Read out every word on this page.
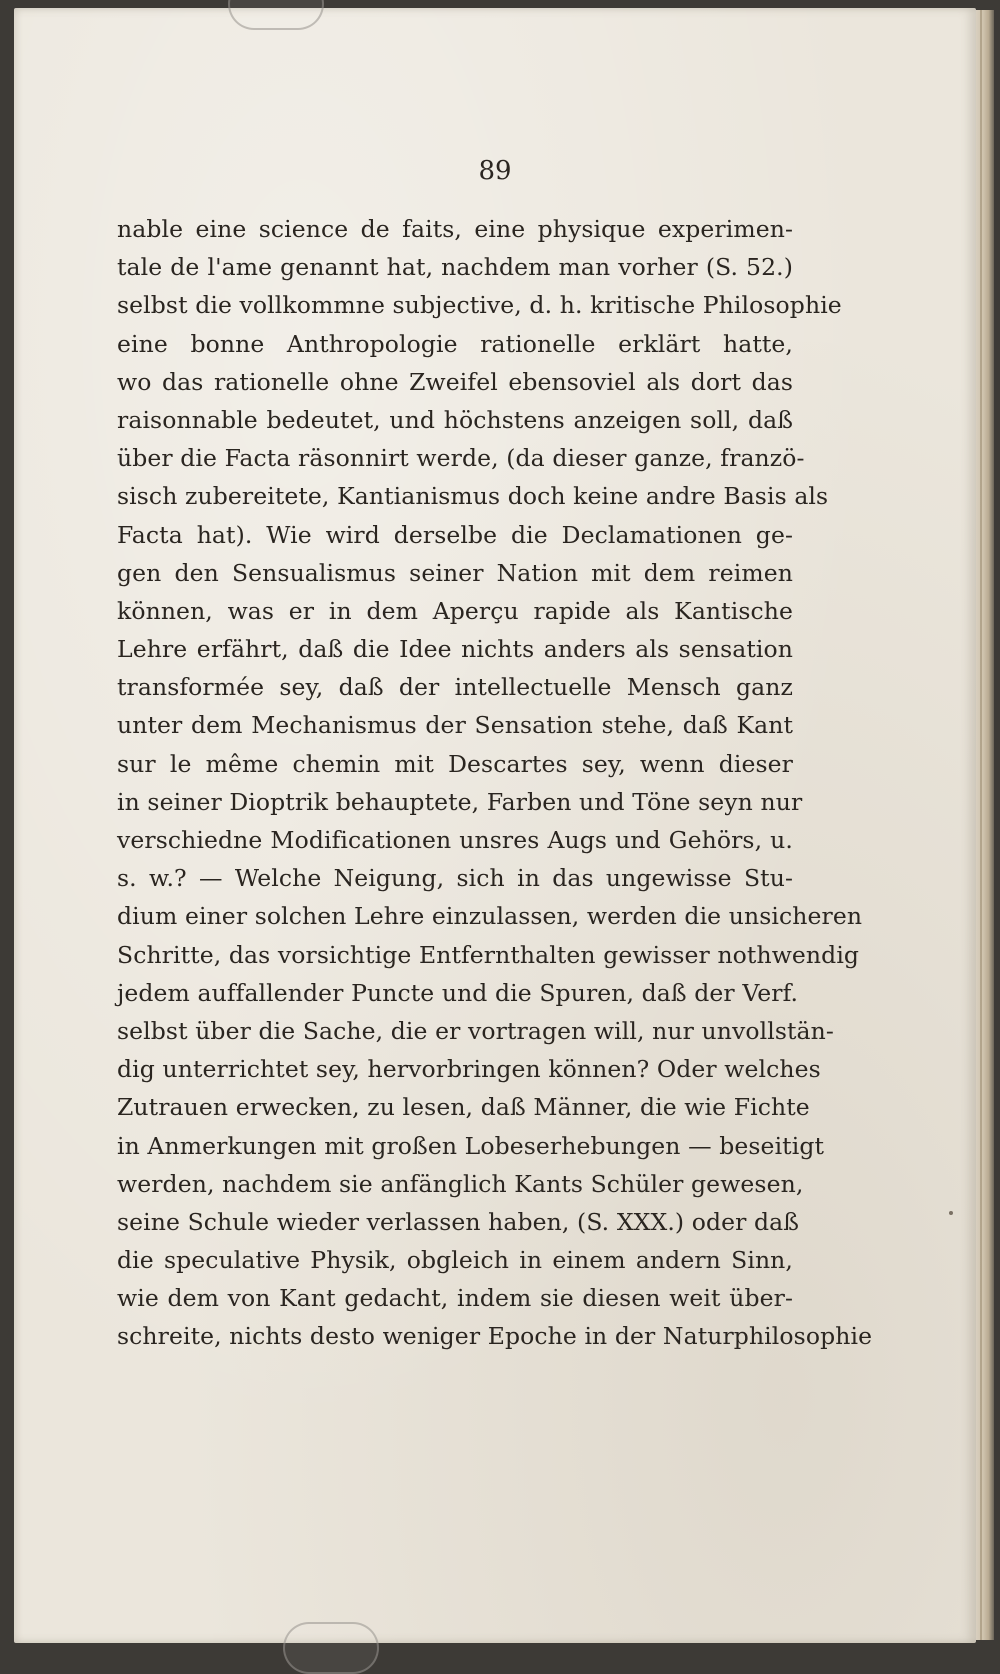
89
nable eine science de faits, eine physique experimen-
tale de l'ame genannt hat, nachdem man vorher (S. 52.)
selbst die vollkommne subjective, d. h. kritische Philosophie
eine bonne Anthropologie rationelle erklärt hatte,
wo das rationelle ohne Zweifel ebensoviel als dort das
raisonnable bedeutet, und höchstens anzeigen soll, daß
über die Facta räsonnirt werde, (da dieser ganze, franzö-
sisch zubereitete, Kantianismus doch keine andre Basis als
Facta hat). Wie wird derselbe die Declamationen ge-
gen den Sensualismus seiner Nation mit dem reimen
können, was er in dem Aperçu rapide als Kantische
Lehre erfährt, daß die Idee nichts anders als sensation
transformée sey, daß der intellectuelle Mensch ganz
unter dem Mechanismus der Sensation stehe, daß Kant
sur le même chemin mit Descartes sey, wenn dieser
in seiner Dioptrik behauptete, Farben und Töne seyn nur
verschiedne Modificationen unsres Augs und Gehörs, u.
s. w.? — Welche Neigung, sich in das ungewisse Stu-
dium einer solchen Lehre einzulassen, werden die unsicheren
Schritte, das vorsichtige Entfernthalten gewisser nothwendig
jedem auffallender Puncte und die Spuren, daß der Verf.
selbst über die Sache, die er vortragen will, nur unvollstän-
dig unterrichtet sey, hervorbringen können? Oder welches
Zutrauen erwecken, zu lesen, daß Männer, die wie Fichte
in Anmerkungen mit großen Lobeserhebungen — beseitigt
werden, nachdem sie anfänglich Kants Schüler gewesen,
seine Schule wieder verlassen haben, (S. XXX.) oder daß
die speculative Physik, obgleich in einem andern Sinn,
wie dem von Kant gedacht, indem sie diesen weit über-
schreite, nichts desto weniger Epoche in der Naturphilosophie
